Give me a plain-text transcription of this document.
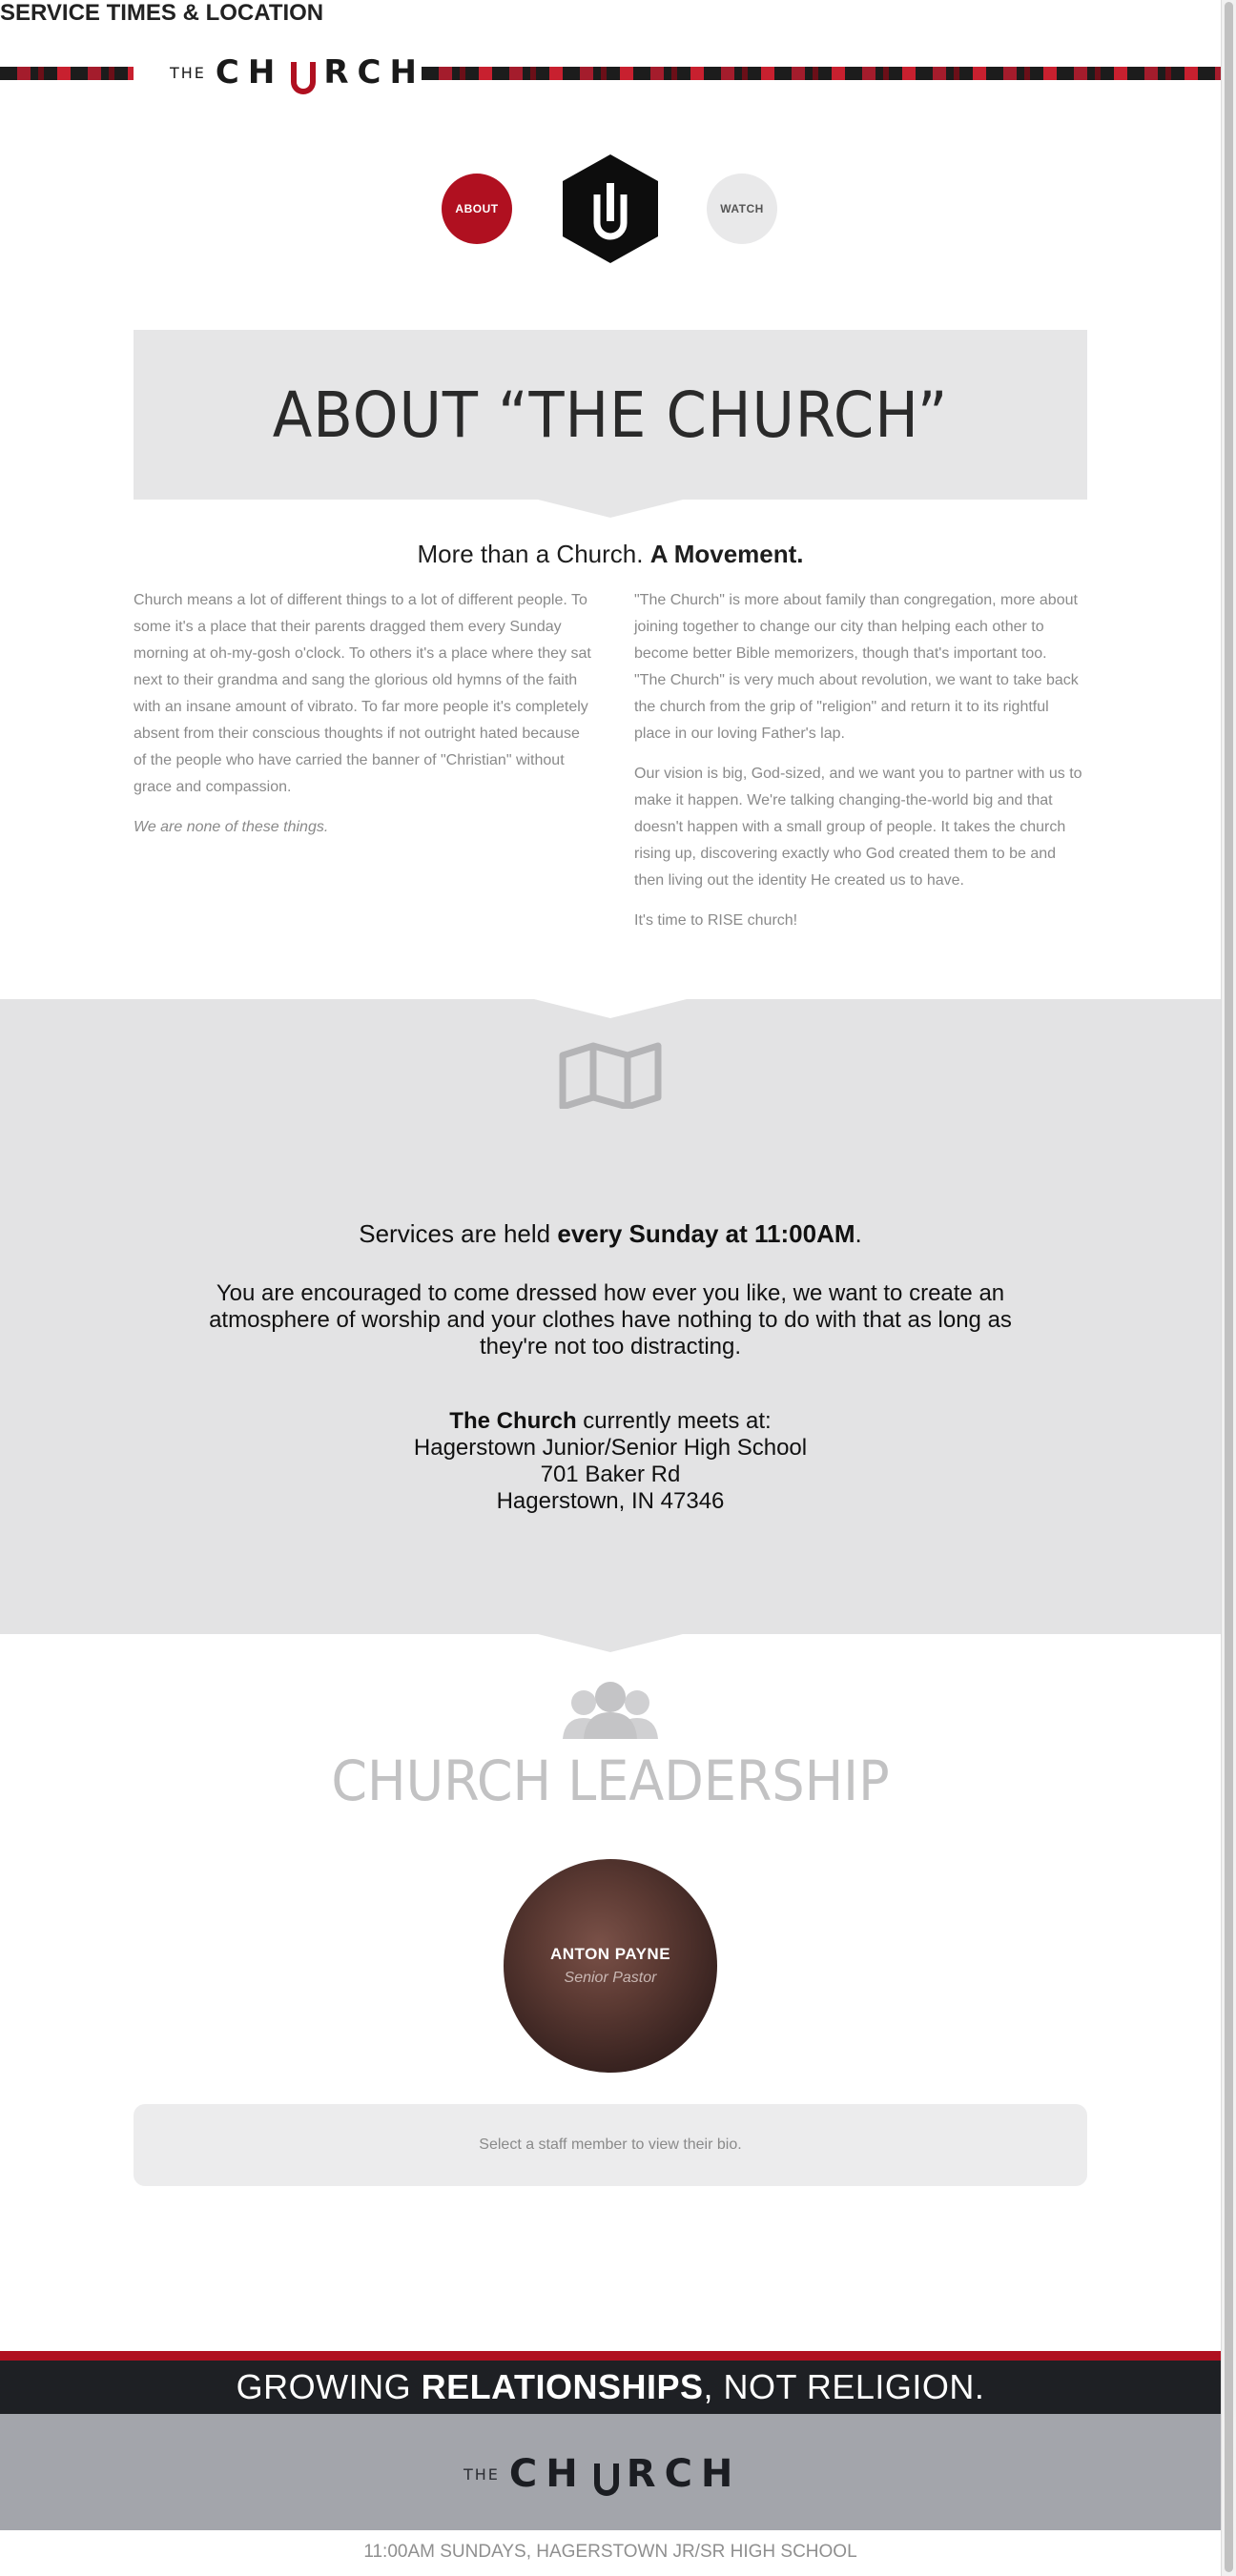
THE CH RCH
ABOUT	WATCH
ABOUT “THE CHURCH”
More than a Church. A Movement.

Church means a lot of different things to a lot of different people. To some it's a place that their parents dragged them every Sunday morning at oh-my-gosh o'clock. To others it's a place where they sat next to their grandma and sang the glorious old hymns of the faith with an insane amount of vibrato. To far more people it's completely absent from their conscious thoughts if not outright hated because of the people who have carried the banner of "Christian" without grace and compassion.

We are none of these things.

"The Church" is more about family than congregation, more about joining together to change our city than helping each other to become better Bible memorizers, though that's important too. "The Church" is very much about revolution, we want to take back the church from the grip of "religion" and return it to its rightful place in our loving Father's lap.

Our vision is big, God-sized, and we want you to partner with us to make it happen. We're talking changing-the-world big and that doesn't happen with a small group of people. It takes the church rising up, discovering exactly who God created them to be and then living out the identity He created us to have.

It's time to RISE church!

SERVICE TIMES & LOCATION
Services are held every Sunday at 11:00AM.
You are encouraged to come dressed how ever you like, we want to create an
atmosphere of worship and your clothes have nothing to do with that as long as
they're not too distracting.
The Church currently meets at:
Hagerstown Junior/Senior High School
701 Baker Rd
Hagerstown, IN 47346
CHURCH LEADERSHIP
ANTON PAYNE
Senior Pastor
Select a staff member to view their bio.
GROWING
RELATIONSHIPS , NOT RELIGION.
THE CH RCH
11:00AM SUNDAYS, HAGERSTOWN JR/SR HIGH SCHOOL
